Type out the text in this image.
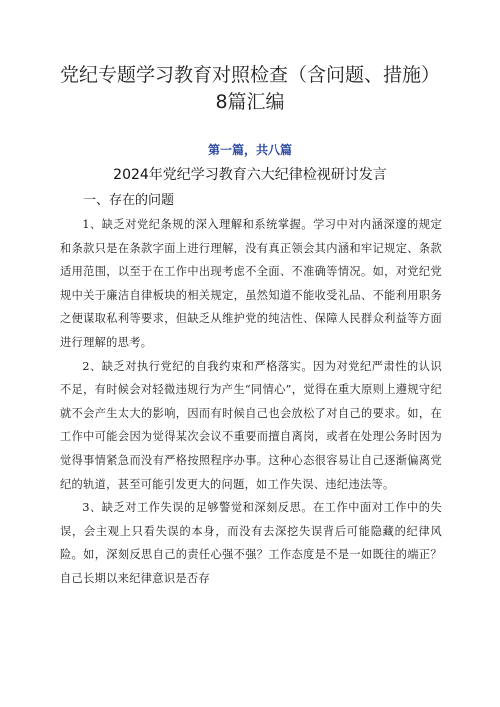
党纪专题学习教育对照检查（含问题、措施）8篇汇编
第一篇，共八篇
2024年党纪学习教育六大纪律检视研讨发言
一、存在的问题

1、缺乏对党纪条规的深入理解和系统掌握。学习中对内涵深邃的规定和条款只是在条款字面上进行理解，没有真正领会其内涵和牢记规定、条款适用范围，以至于在工作中出现考虑不全面、不准确等情况。如，对党纪党规中关于廉洁自律板块的相关规定，虽然知道不能收受礼品、不能利用职务之便谋取私利等要求，但缺乏从维护党的纯洁性、保障人民群众利益等方面进行理解的思考。

2、缺乏对执行党纪的自我约束和严格落实。因为对党纪严肃性的认识不足，有时候会对轻微违规行为产生“同情心”，觉得在重大原则上遵规守纪就不会产生太大的影响，因而有时候自己也会放松了对自己的要求。如，在工作中可能会因为觉得某次会议不重要而擅自离岗，或者在处理公务时因为觉得事情紧急而没有严格按照程序办事。这种心态很容易让自己逐渐偏离党纪的轨道，甚至可能引发更大的问题，如工作失误、违纪违法等。

3、缺乏对工作失误的足够警觉和深刻反思。在工作中面对工作中的失误，会主观上只看失误的本身，而没有去深挖失误背后可能隐藏的纪律风险。如，深刻反思自己的责任心强不强？工作态度是不是一如既往的端正？自己长期以来纪律意识是否存
